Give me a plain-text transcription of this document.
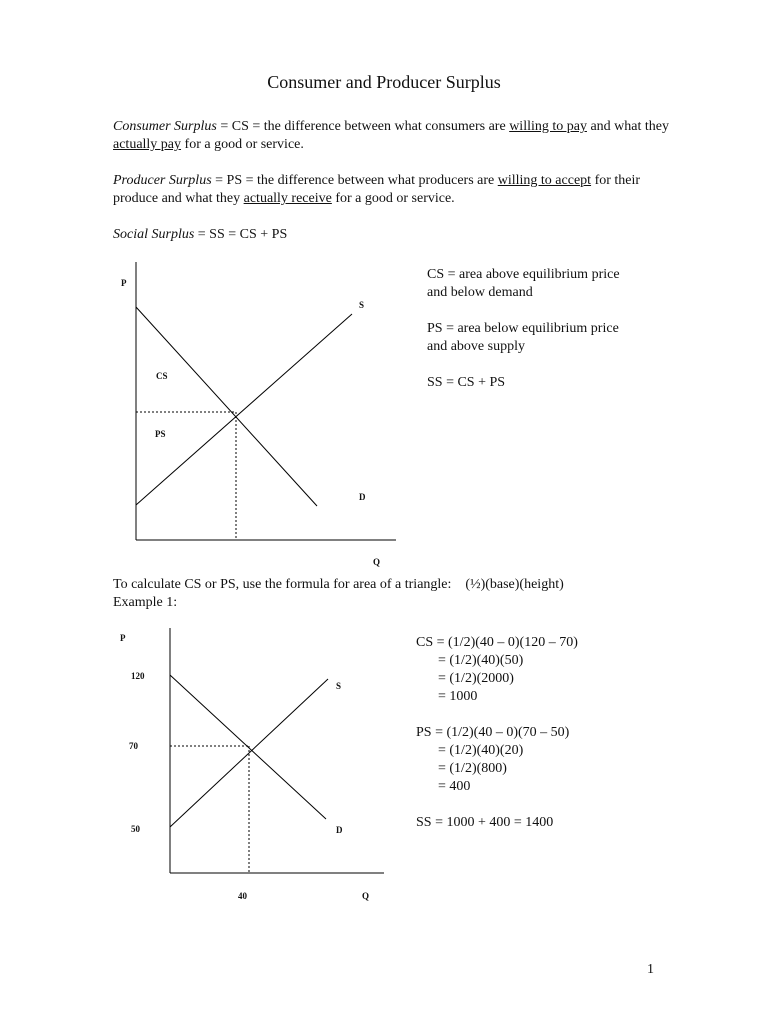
Consumer and Producer Surplus
Consumer Surplus = CS = the difference between what consumers are willing to pay and what they actually pay for a good or service.
Producer Surplus = PS = the difference between what producers are willing to accept for their produce and what they actually receive for a good or service.
Social Surplus = SS = CS + PS
P
Q
S
D
CS
PS
P
Q
S
D
120
70
50
40
CS = area above equilibrium price
and below demand
PS = area below equilibrium price
and above supply
SS = CS + PS
To calculate CS or PS, use the formula for area of a triangle:    (½)(base)(height)
Example 1:
CS = (1/2)(40 – 0)(120 – 70)
= (1/2)(40)(50)
= (1/2)(2000)
= 1000
PS = (1/2)(40 – 0)(70 – 50)
= (1/2)(40)(20)
= (1/2)(800)
= 400
SS = 1000 + 400 = 1400
1
